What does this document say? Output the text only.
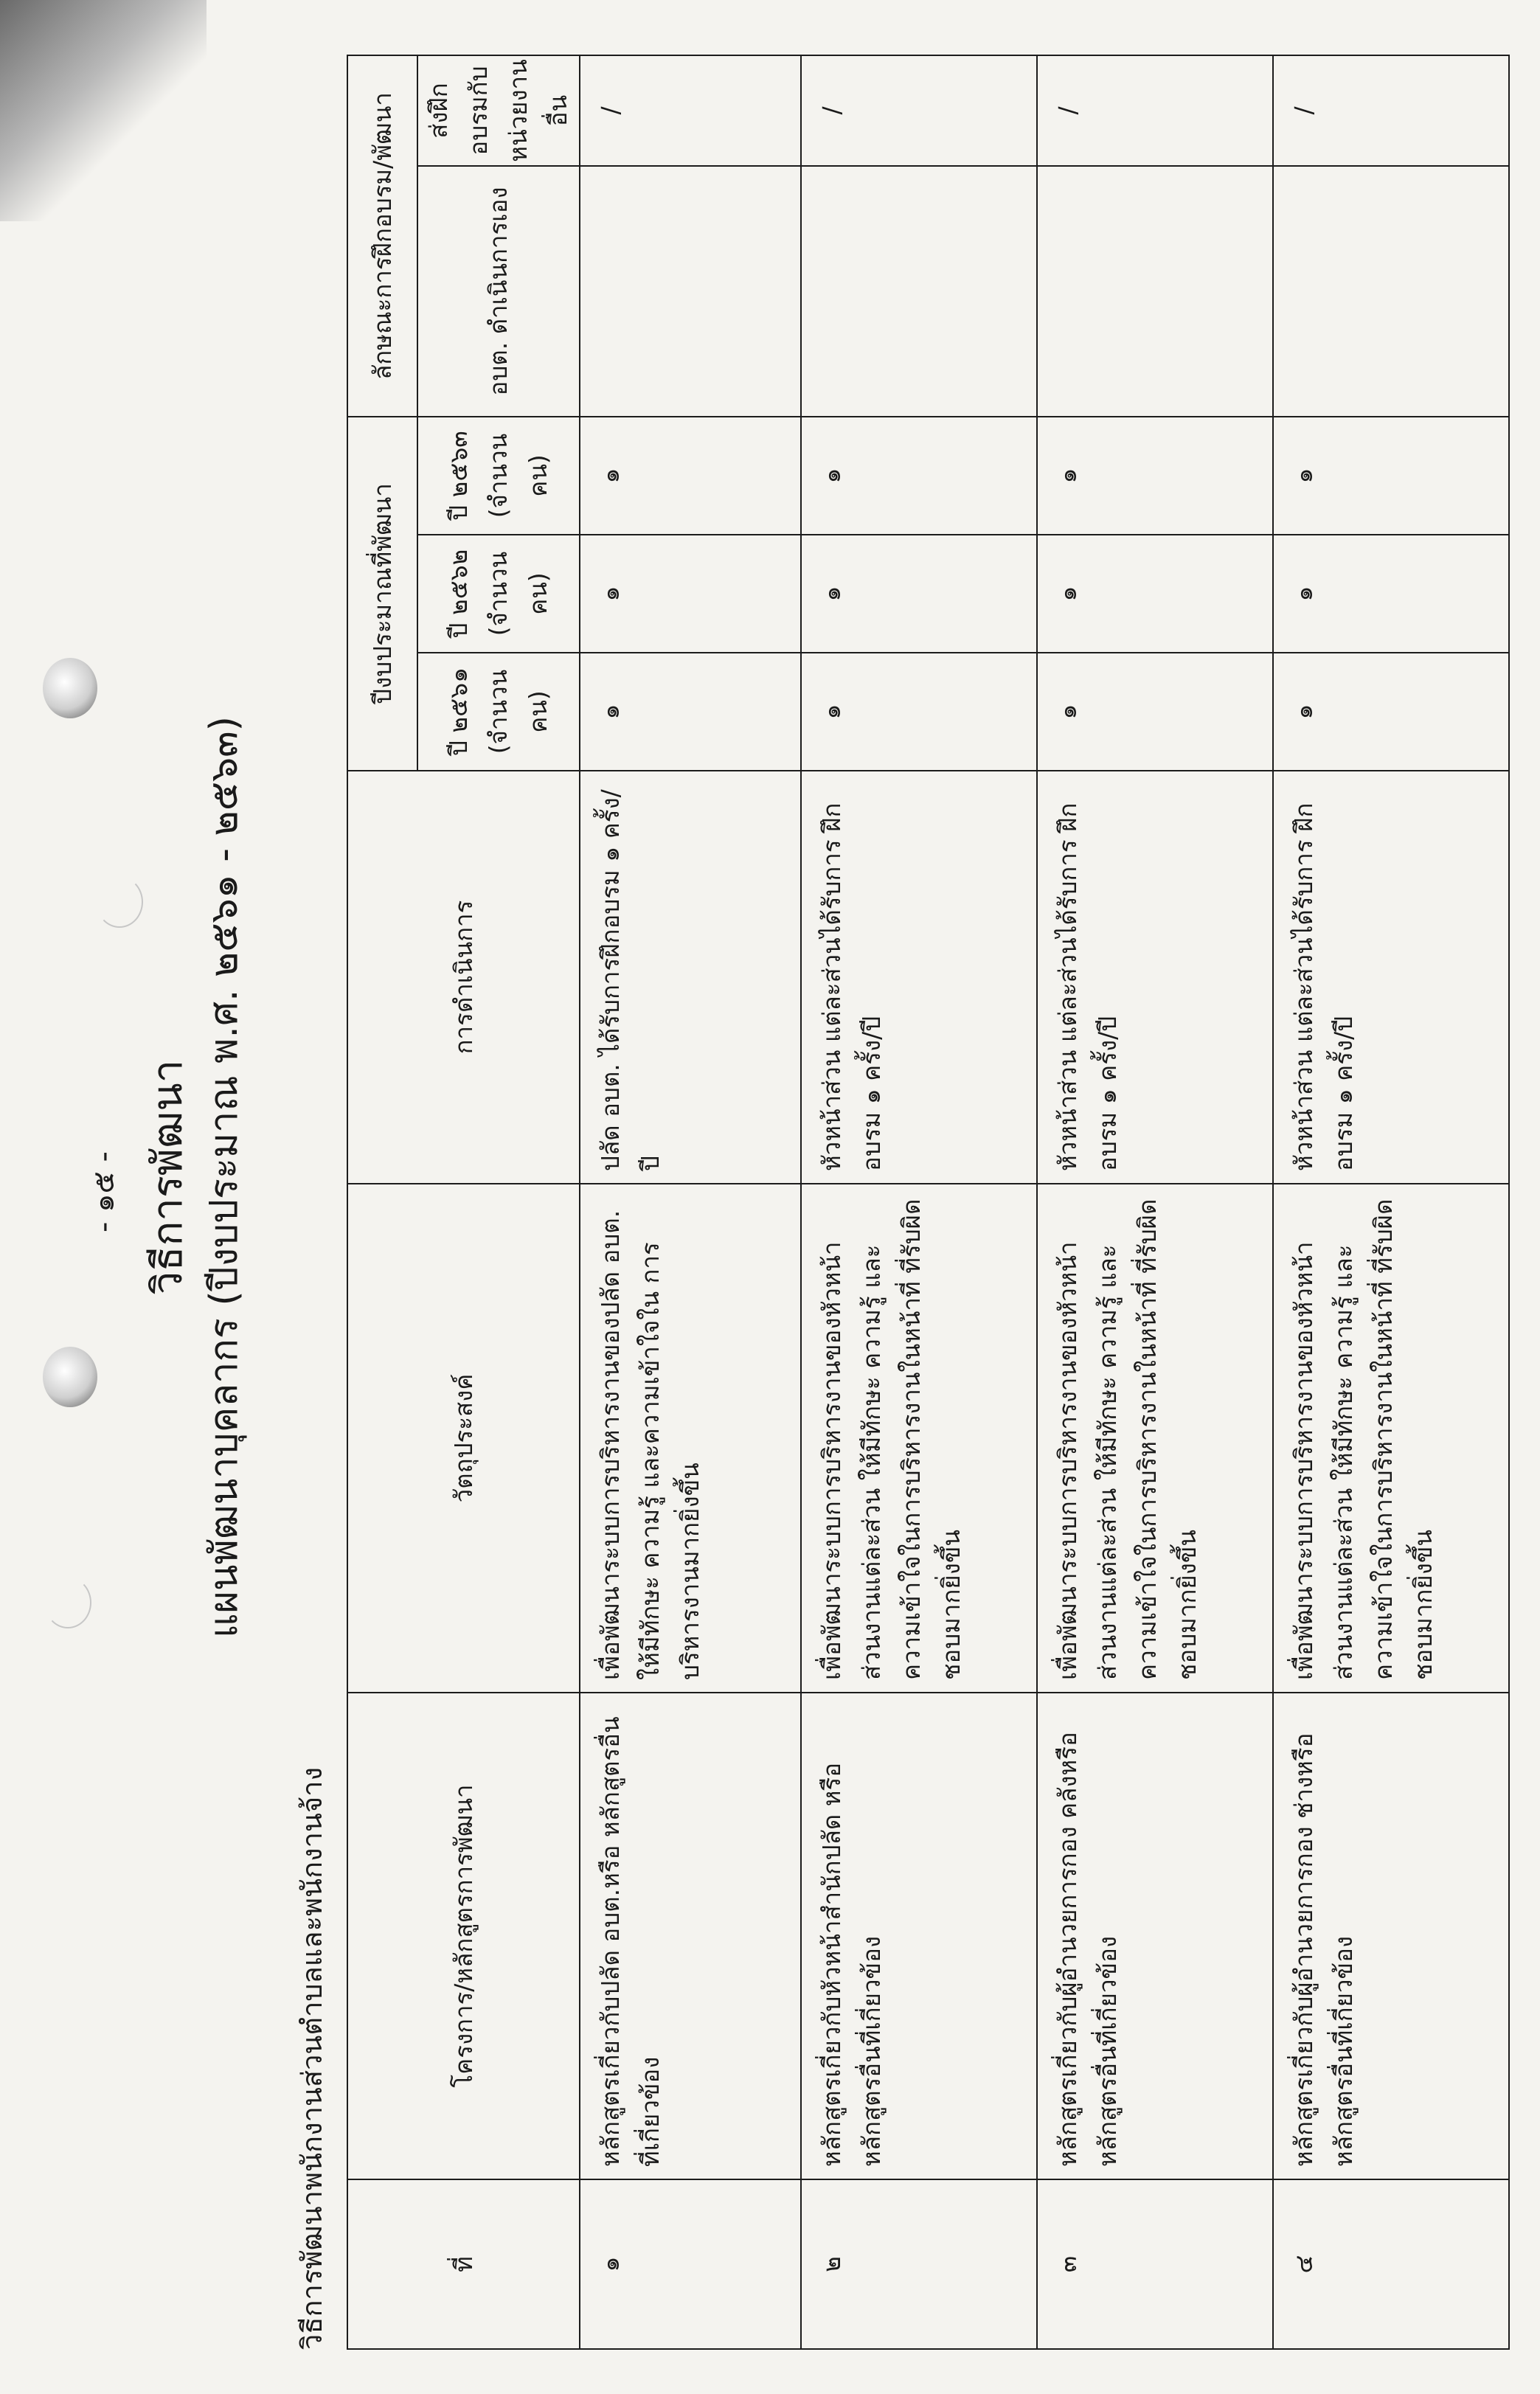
- ๑๕ - วิธีการพัฒนา แผนพัฒนาบุคลากร (ปีงบประมาณ พ.ศ. ๒๕๖๑ - ๒๕๖๓)
วิธีการพัฒนาพนักงานส่วนตำบลและพนักงานจ้าง	ที่	โครงการ/หลักสูตรการพัฒนา	วัตถุประสงค์	การดำเนินการ	ปีงบประมาณที่พัฒนา			ลักษณะการฝึกอบรม/พัฒนา	
				ปี ๒๕๖๑ (จำนวน คน)	ปี ๒๕๖๒ (จำนวน คน)	ปี ๒๕๖๓ (จำนวน คน)	อบต. ดำเนินการเอง	ส่งฝึกอบรมกับ หน่วยงานอื่น
๑	หลักสูตรเกี่ยวกับปลัด อบต.หรือ หลักสูตรอื่นที่เกี่ยวข้อง	เพื่อพัฒนาระบบการบริหารงานของปลัด อบต. ให้มีทักษะ ความรู้ และความเข้าใจใน การบริหารงานมากยิ่งขึ้น	ปลัด อบต. ได้รับการฝึกอบรม ๑ ครั้ง/ปี	๑	๑	๑		/
๒	หลักสูตรเกี่ยวกับหัวหน้าสำนักปลัด หรือหลักสูตรอื่นที่เกี่ยวข้อง	เพื่อพัฒนาระบบการบริหารงานของหัวหน้า ส่วนงานแต่ละส่วน ให้มีทักษะ ความรู้ และความเข้าใจในการบริหารงานในหน้าที่ ที่รับผิดชอบมากยิ่งขึ้น	หัวหน้าส่วน แต่ละส่วนได้รับการ ฝึกอบรม ๑ ครั้ง/ปี	๑	๑	๑		/
๓	หลักสูตรเกี่ยวกับผู้อำนวยการกอง คลังหรือหลักสูตรอื่นที่เกี่ยวข้อง	เพื่อพัฒนาระบบการบริหารงานของหัวหน้า ส่วนงานแต่ละส่วน ให้มีทักษะ ความรู้ และความเข้าใจในการบริหารงานในหน้าที่ ที่รับผิดชอบมากยิ่งขึ้น	หัวหน้าส่วน แต่ละส่วนได้รับการ ฝึกอบรม ๑ ครั้ง/ปี	๑	๑	๑		/
๔	หลักสูตรเกี่ยวกับผู้อำนวยการกอง ช่างหรือหลักสูตรอื่นที่เกี่ยวข้อง	เพื่อพัฒนาระบบการบริหารงานของหัวหน้า ส่วนงานแต่ละส่วน ให้มีทักษะ ความรู้ และความเข้าใจในการบริหารงานในหน้าที่ ที่รับผิดชอบมากยิ่งขึ้น	หัวหน้าส่วน แต่ละส่วนได้รับการ ฝึกอบรม ๑ ครั้ง/ปี	๑	๑	๑		/
